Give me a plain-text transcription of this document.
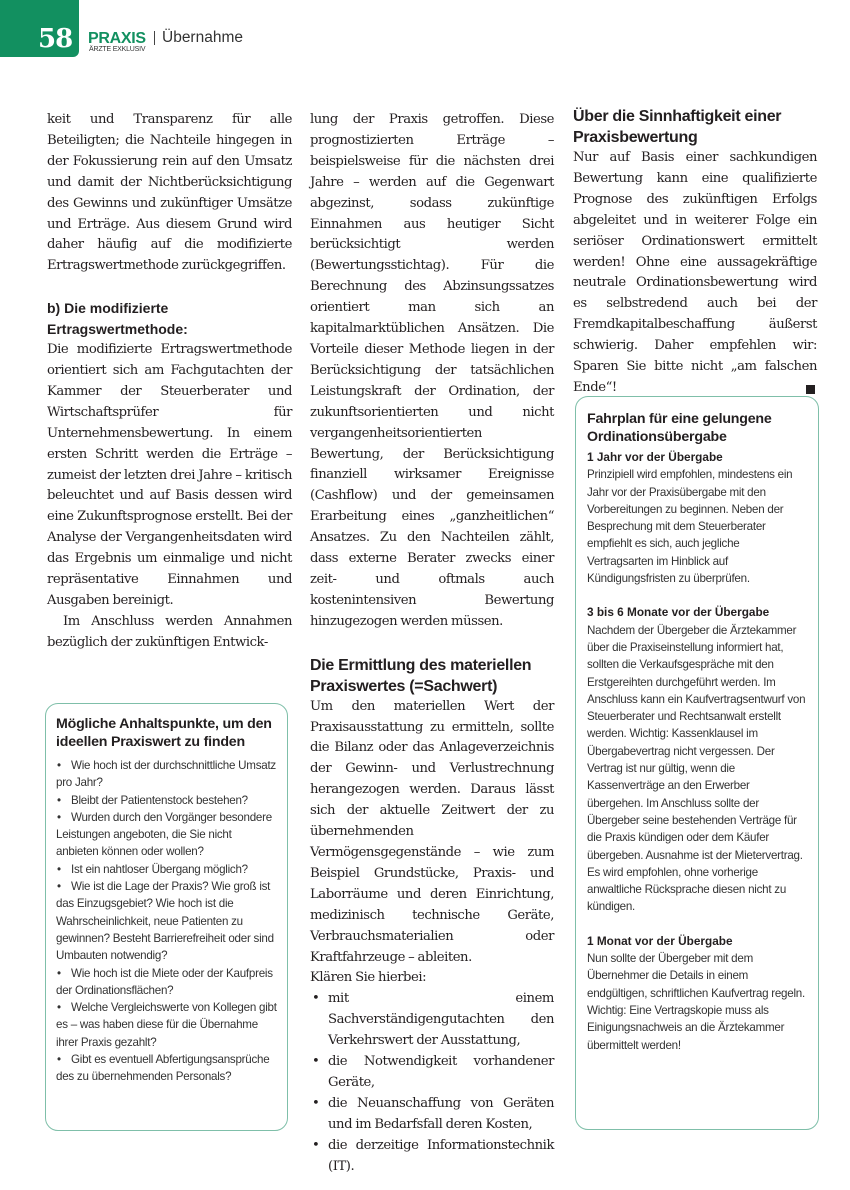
58 PRAXIS
ÄRZTE EXKLUSIV
Übernahme

keit und Transparenz für alle Beteiligten; die Nachteile hingegen in der Fokussierung rein auf den Umsatz und damit der Nichtberücksichtigung des Gewinns und zukünftiger Umsätze und Erträge. Aus diesem Grund wird daher häufig auf die modifizierte Ertragswertmethode zurückgegriffen.

b) Die modifizierte
Ertragswertmethode:

Die modifizierte Ertragswertmethode orientiert sich am Fachgutachten der Kammer der Steuerberater und Wirtschaftsprüfer für Unternehmensbewertung. In einem ersten Schritt werden die Erträge – zumeist der letzten drei Jahre – kritisch beleuchtet und auf Basis dessen wird eine Zukunftsprognose erstellt. Bei der Analyse der Vergangenheitsdaten wird das Ergebnis um einmalige und nicht repräsentative Einnahmen und Ausgaben bereinigt.

Im Anschluss werden Annahmen bezüglich der zukünftigen Entwick-

Mögliche Anhaltspunkte, um den ideellen Praxiswert zu finden
• Wie hoch ist der durchschnittliche Umsatz pro Jahr?
• Bleibt der Patientenstock bestehen?
• Wurden durch den Vorgänger besondere Leistungen angeboten, die Sie nicht anbieten können oder wollen?
• Ist ein nahtloser Übergang möglich?
• Wie ist die Lage der Praxis? Wie groß ist das Einzugsgebiet? Wie hoch ist die Wahrscheinlichkeit, neue Patienten zu gewinnen? Besteht Barrierefreiheit oder sind Umbauten notwendig?
• Wie hoch ist die Miete oder der Kaufpreis der Ordinationsflächen?
• Welche Vergleichswerte von Kollegen gibt es – was haben diese für die Übernahme ihrer Praxis gezahlt?
• Gibt es eventuell Abfertigungsansprüche des zu übernehmenden Personals?

lung der Praxis getroffen. Diese prognostizierten Erträge – beispielsweise für die nächsten drei Jahre – werden auf die Gegenwart abgezinst, sodass zukünftige Einnahmen aus heutiger Sicht berücksichtigt werden (Bewertungsstichtag). Für die Berechnung des Abzinsungssatzes orientiert man sich an kapitalmarktüblichen Ansätzen. Die Vorteile dieser Methode liegen in der Berücksichtigung der tatsächlichen Leistungskraft der Ordination, der zukunftsorientierten und nicht vergangenheitsorientierten Bewertung, der Berücksichtigung finanziell wirksamer Ereignisse (Cashflow) und der gemeinsamen Erarbeitung eines „ganzheitlichen“ Ansatzes. Zu den Nachteilen zählt, dass externe Berater zwecks einer zeit- und oftmals auch kostenintensiven Bewertung hinzugezogen werden müssen.

Die Ermittlung des materiellen Praxiswertes (=Sachwert)

Um den materiellen Wert der Praxisausstattung zu ermitteln, sollte die Bilanz oder das Anlageverzeichnis der Gewinn- und Verlustrechnung herangezogen werden. Daraus lässt sich der aktuelle Zeitwert der zu übernehmenden Vermögensgegenstände – wie zum Beispiel Grundstücke, Praxis- und Laborräume und deren Einrichtung, medizinisch technische Geräte, Verbrauchsmaterialien oder Kraftfahrzeuge – ableiten.

Klären Sie hierbei:

• mit einem Sachverständigengutachten den Verkehrswert der Ausstattung,
• die Notwendigkeit vorhandener Geräte,
• die Neuanschaffung von Geräten und im Bedarfsfall deren Kosten,
• die derzeitige Informationstechnik (IT).
Über die Sinnhaftigkeit einer Praxisbewertung

Nur auf Basis einer sachkundigen Bewertung kann eine qualifizierte Prognose des zukünftigen Erfolgs abgeleitet und in weiterer Folge ein seriöser Ordinationswert ermittelt werden! Ohne eine aussagekräftige neutrale Ordinationsbewertung wird es selbstredend auch bei der Fremdkapitalbeschaffung äußerst schwierig. Daher empfehlen wir: Sparen Sie bitte nicht „am falschen Ende“!

Fahrplan für eine gelungene Ordinationsübergabe
1 Jahr vor der Übergabe

Prinzipiell wird empfohlen, mindestens ein Jahr vor der Praxisübergabe mit den Vorbereitungen zu beginnen. Neben der Besprechung mit dem Steuerberater empfiehlt es sich, auch jegliche Vertragsarten im Hinblick auf Kündigungsfristen zu überprüfen.

3 bis 6 Monate vor der Übergabe

Nachdem der Übergeber die Ärztekammer über die Praxiseinstellung informiert hat, sollten die Verkaufsgespräche mit den Erstgereihten durchgeführt werden. Im Anschluss kann ein Kaufvertragsentwurf von Steuerberater und Rechtsanwalt erstellt werden. Wichtig: Kassenklausel im Übergabevertrag nicht vergessen. Der Vertrag ist nur gültig, wenn die Kassenverträge an den Erwerber übergehen. Im Anschluss sollte der Übergeber seine bestehenden Verträge für die Praxis kündigen oder dem Käufer übergeben. Ausnahme ist der Mietervertrag.

Es wird empfohlen, ohne vorherige anwaltliche Rücksprache diesen nicht zu kündigen.

1 Monat vor der Übergabe

Nun sollte der Übergeber mit dem Übernehmer die Details in einem endgültigen, schriftlichen Kaufvertrag regeln. Wichtig: Eine Vertragskopie muss als Einigungsnachweis an die Ärztekammer übermittelt werden!
